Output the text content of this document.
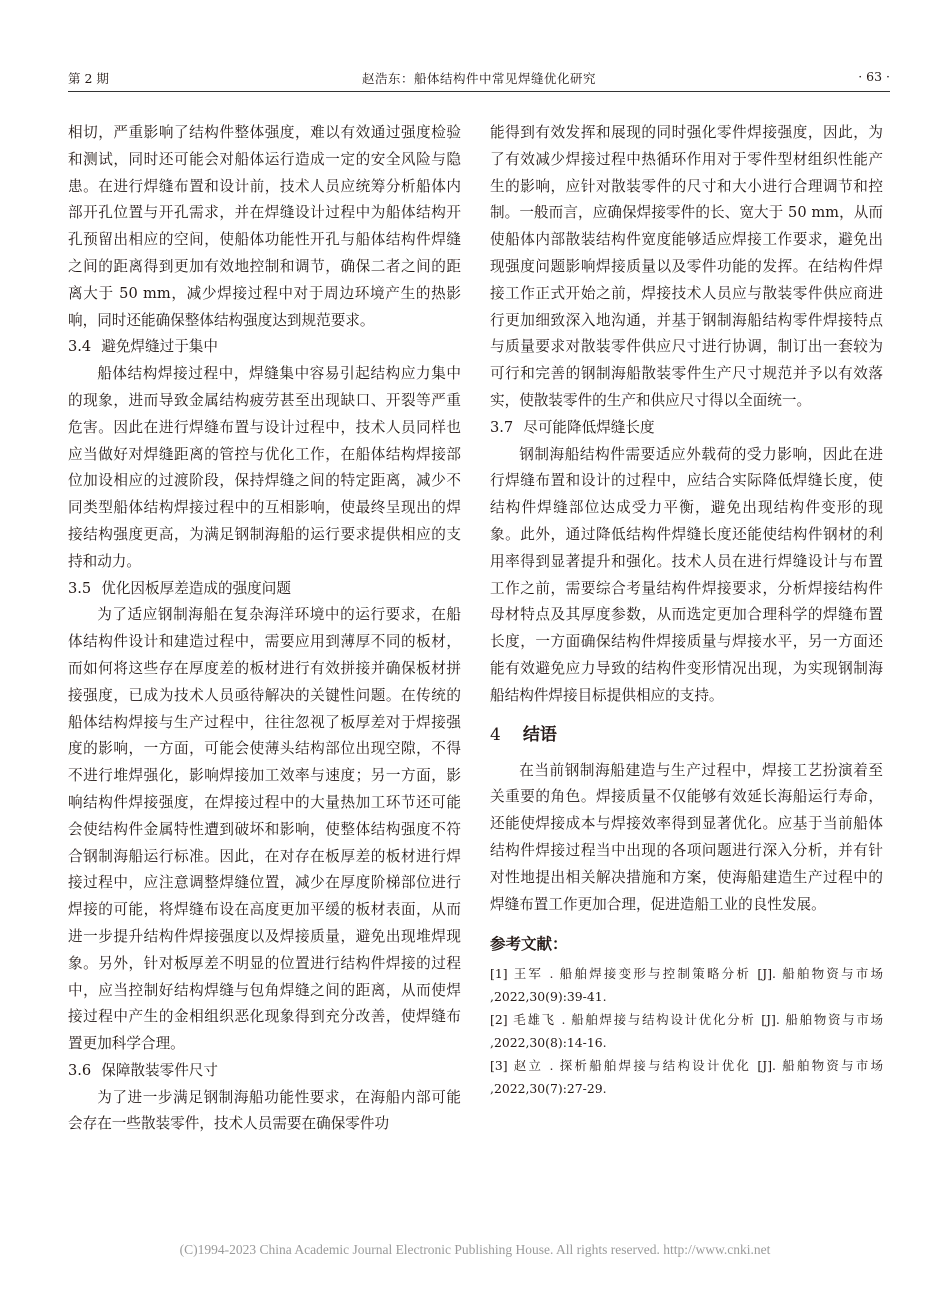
第 2 期	赵浩东：船体结构件中常见焊缝优化研究	· 63 ·

相切，严重影响了结构件整体强度，难以有效通过强度检验和测试，同时还可能会对船体运行造成一定的安全风险与隐患。在进行焊缝布置和设计前，技术人员应统筹分析船体内部开孔位置与开孔需求，并在焊缝设计过程中为船体结构开孔预留出相应的空间，使船体功能性开孔与船体结构件焊缝之间的距离得到更加有效地控制和调节，确保二者之间的距离大于 50 mm，减少焊接过程中对于周边环境产生的热影响，同时还能确保整体结构强度达到规范要求。

3.4 避免焊缝过于集中

船体结构焊接过程中，焊缝集中容易引起结构应力集中的现象，进而导致金属结构疲劳甚至出现缺口、开裂等严重危害。因此在进行焊缝布置与设计过程中，技术人员同样也应当做好对焊缝距离的管控与优化工作，在船体结构焊接部位加设相应的过渡阶段，保持焊缝之间的特定距离，减少不同类型船体结构焊接过程中的互相影响，使最终呈现出的焊接结构强度更高，为满足钢制海船的运行要求提供相应的支持和动力。

3.5 优化因板厚差造成的强度问题

为了适应钢制海船在复杂海洋环境中的运行要求，在船体结构件设计和建造过程中，需要应用到薄厚不同的板材，而如何将这些存在厚度差的板材进行有效拼接并确保板材拼接强度，已成为技术人员亟待解决的关键性问题。在传统的船体结构焊接与生产过程中，往往忽视了板厚差对于焊接强度的影响，一方面，可能会使薄头结构部位出现空隙，不得不进行堆焊强化，影响焊接加工效率与速度；另一方面，影响结构件焊接强度，在焊接过程中的大量热加工环节还可能会使结构件金属特性遭到破坏和影响，使整体结构强度不符合钢制海船运行标准。因此，在对存在板厚差的板材进行焊接过程中，应注意调整焊缝位置，减少在厚度阶梯部位进行焊接的可能，将焊缝布设在高度更加平缓的板材表面，从而进一步提升结构件焊接强度以及焊接质量，避免出现堆焊现象。另外，针对板厚差不明显的位置进行结构件焊接的过程中，应当控制好结构焊缝与包角焊缝之间的距离，从而使焊接过程中产生的金相组织恶化现象得到充分改善，使焊缝布置更加科学合理。

3.6 保障散装零件尺寸

为了进一步满足钢制海船功能性要求，在海船内部可能会存在一些散装零件，技术人员需要在确保零件功

能得到有效发挥和展现的同时强化零件焊接强度，因此，为了有效减少焊接过程中热循环作用对于零件型材组织性能产生的影响，应针对散装零件的尺寸和大小进行合理调节和控制。一般而言，应确保焊接零件的长、宽大于 50 mm，从而使船体内部散装结构件宽度能够适应焊接工作要求，避免出现强度问题影响焊接质量以及零件功能的发挥。在结构件焊接工作正式开始之前，焊接技术人员应与散装零件供应商进行更加细致深入地沟通，并基于钢制海船结构零件焊接特点与质量要求对散装零件供应尺寸进行协调，制订出一套较为可行和完善的钢制海船散装零件生产尺寸规范并予以有效落实，使散装零件的生产和供应尺寸得以全面统一。

3.7 尽可能降低焊缝长度

钢制海船结构件需要适应外载荷的受力影响，因此在进行焊缝布置和设计的过程中，应结合实际降低焊缝长度，使结构件焊缝部位达成受力平衡，避免出现结构件变形的现象。此外，通过降低结构件焊缝长度还能使结构件钢材的利用率得到显著提升和强化。技术人员在进行焊缝设计与布置工作之前，需要综合考量结构件焊接要求，分析焊接结构件母材特点及其厚度参数，从而选定更加合理科学的焊缝布置长度，一方面确保结构件焊接质量与焊接水平，另一方面还能有效避免应力导致的结构件变形情况出现，为实现钢制海船结构件焊接目标提供相应的支持。

4 结语

在当前钢制海船建造与生产过程中，焊接工艺扮演着至关重要的角色。焊接质量不仅能够有效延长海船运行寿命，还能使焊接成本与焊接效率得到显著优化。应基于当前船体结构件焊接过程当中出现的各项问题进行深入分析，并有针对性地提出相关解决措施和方案，使海船建造生产过程中的焊缝布置工作更加合理，促进造船工业的良性发展。

参考文献：

[1] 王军 . 船舶焊接变形与控制策略分析 [J]. 船舶物资与市场 ,2022,30(9):39-41.

[2] 毛雄飞 . 船舶焊接与结构设计优化分析 [J]. 船舶物资与市场 ,2022,30(8):14-16.

[3] 赵立 . 探析船舶焊接与结构设计优化 [J]. 船舶物资与市场 ,2022,30(7):27-29.

(C)1994-2023 China Academic Journal Electronic Publishing House. All rights reserved. http://www.cnki.net
